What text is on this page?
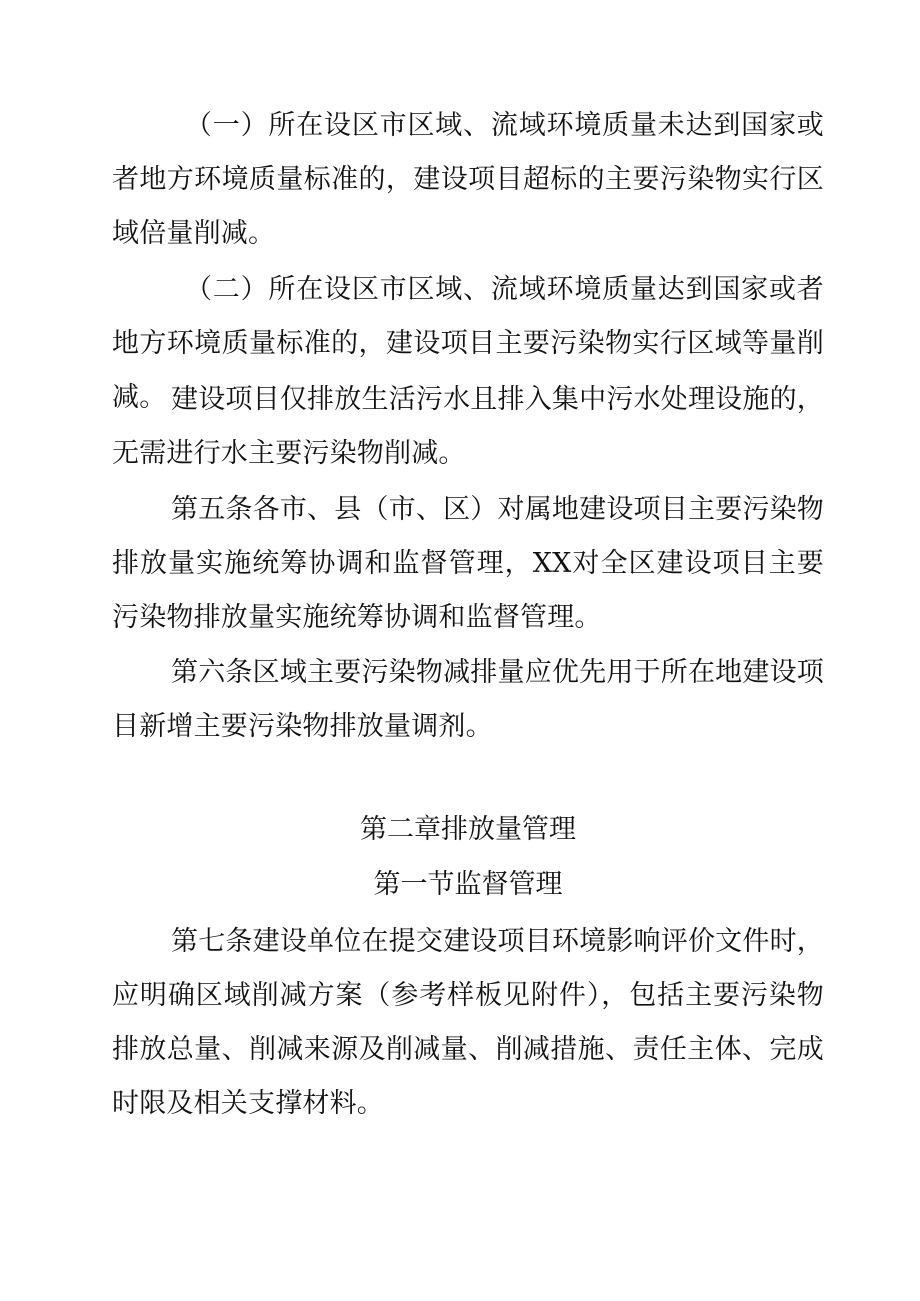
（一）所在设区市区域、流域环境质量未达到国家或者地方环境质量标准的，建设项目超标的主要污染物实行区域倍量削减。

（二）所在设区市区域、流域环境质量达到国家或者地方环境质量标准的，建设项目主要污染物实行区域等量削减。 建设项目仅排放生活污水且排入集中污水处理设施的，无需进行水主要污染物削减。

第五条各市、县（市、区）对属地建设项目主要污染物排放量实施统筹协调和监督管理，XX对全区建设项目主要污染物排放量实施统筹协调和监督管理。

第六条区域主要污染物减排量应优先用于所在地建设项目新增主要污染物排放量调剂。

第二章排放量管理
第一节监督管理

第七条建设单位在提交建设项目环境影响评价文件时，应明确区域削减方案（参考样板见附件），包括主要污染物排放总量、削减来源及削减量、削减措施、责任主体、完成时限及相关支撑材料。
